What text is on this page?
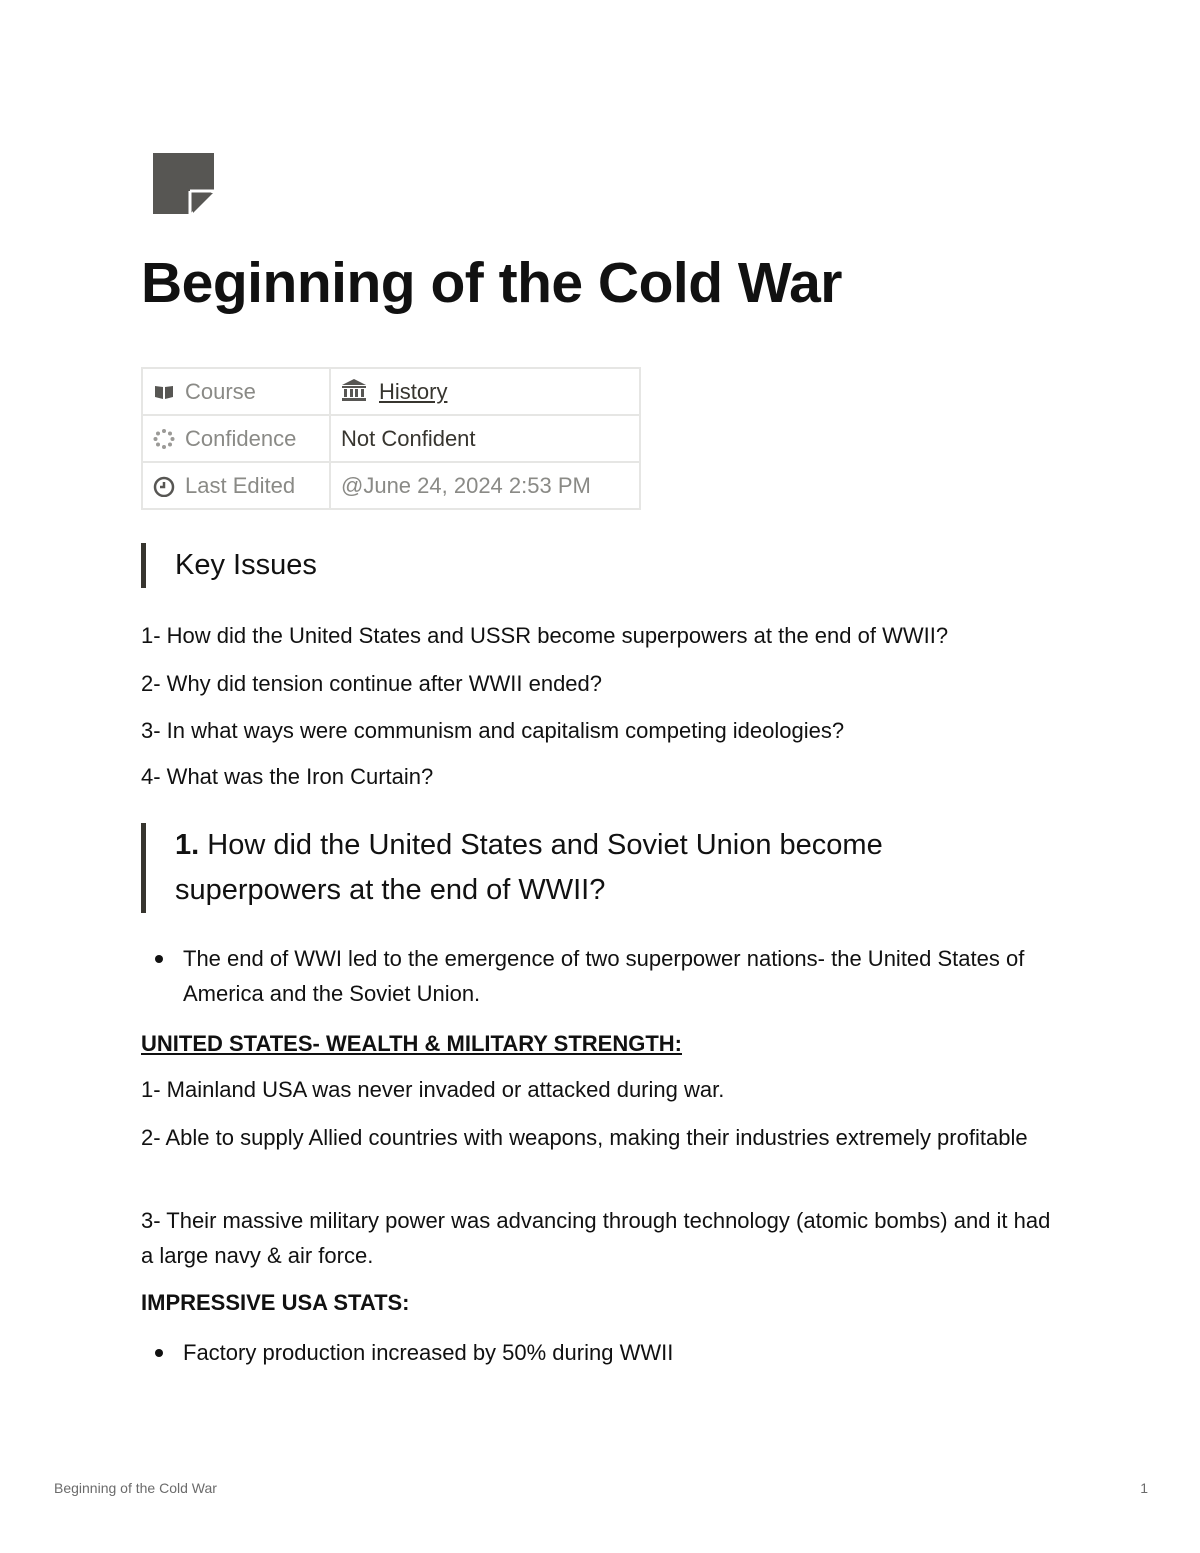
Beginning of the Cold War
Course	History
Confidence	Not Confident
Last Edited	@June 24, 2024 2:53 PM
Key Issues

1- How did the United States and USSR become superpowers at the end of WWII?

2- Why did tension continue after WWII ended?

3- In what ways were communism and capitalism competing ideologies?

4- What was the Iron Curtain?

1. How did the United States and Soviet Union become
superpowers at the end of WWII?
The end of WWI led to the emergence of two superpower nations- the United States of America and the Soviet Union.

UNITED STATES- WEALTH & MILITARY STRENGTH:

1- Mainland USA was never invaded or attacked during war.

2- Able to supply Allied countries with weapons, making their industries extremely profitable

3- Their massive military power was advancing through technology (atomic bombs) and it had a large navy & air force.

IMPRESSIVE USA STATS:

Factory production increased by 50% during WWII
Beginning of the Cold War	1
